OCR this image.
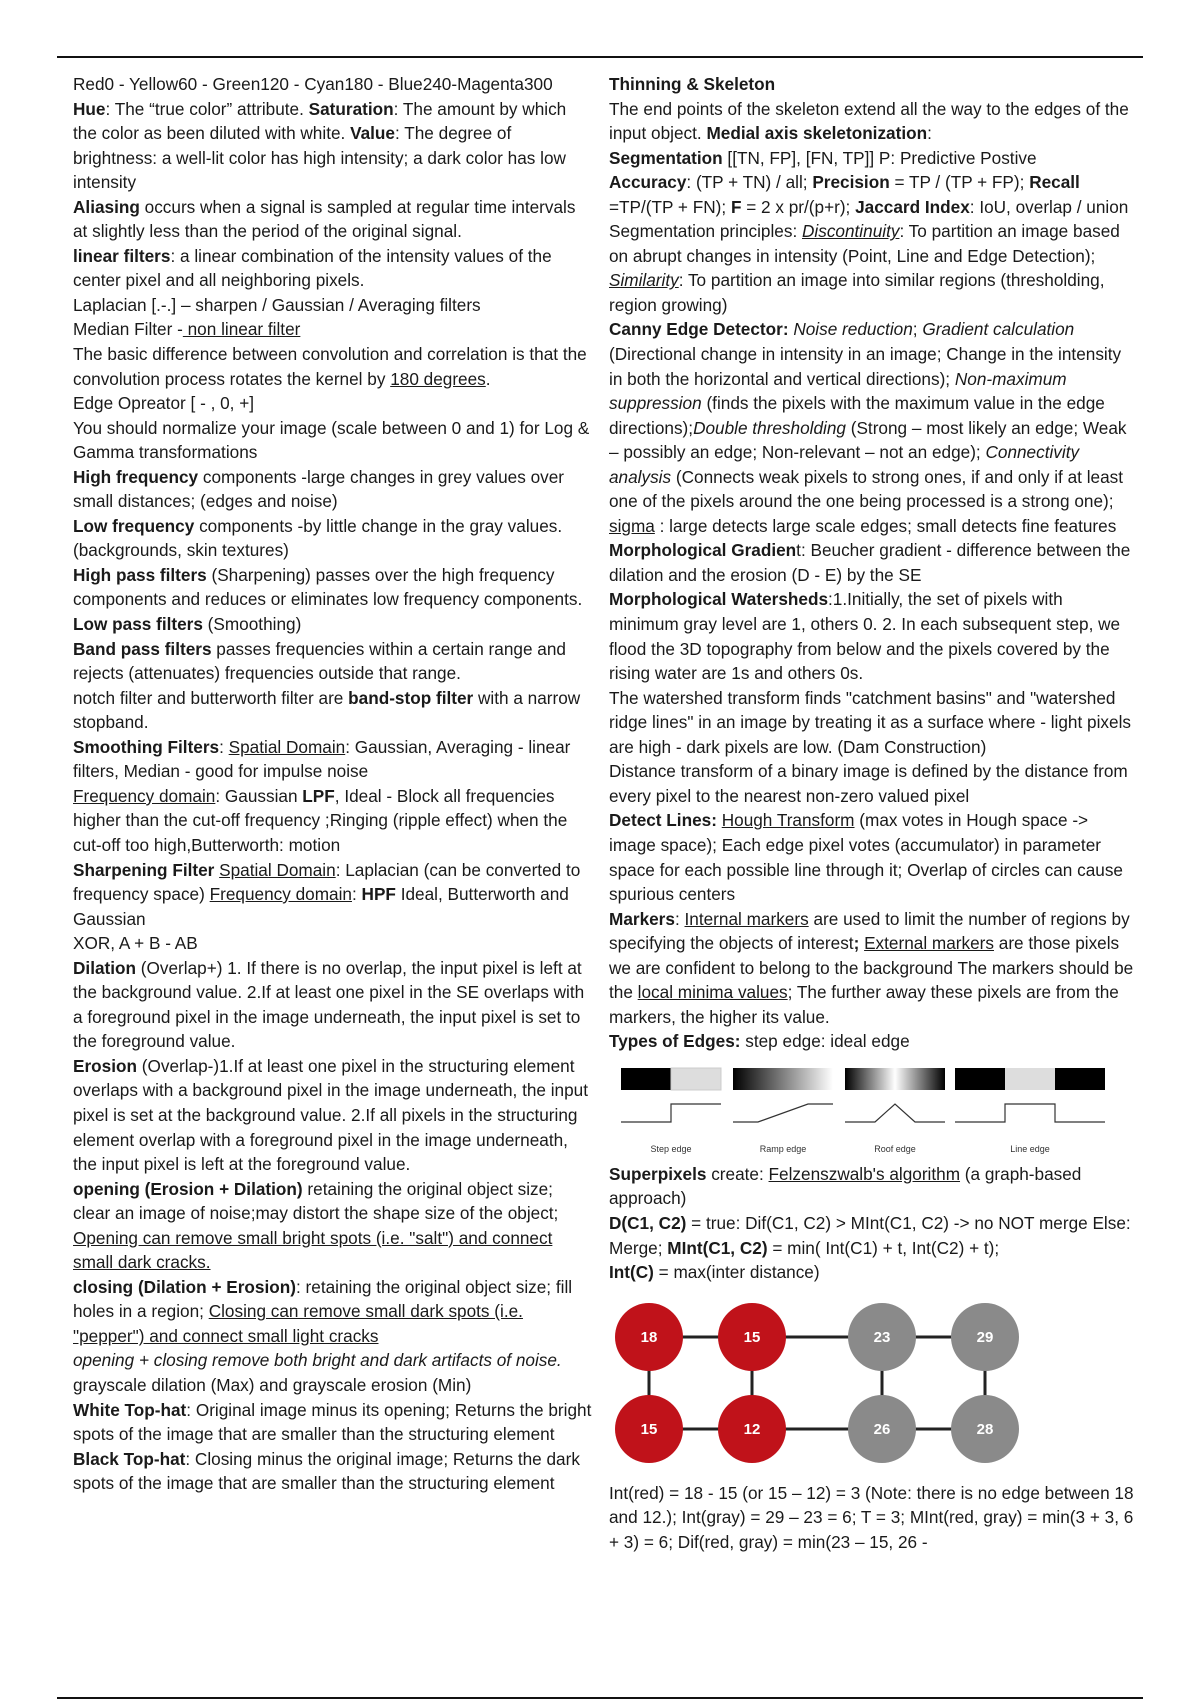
Red0 - Yellow60 - Green120 - Cyan180 - Blue240-Magenta300

Hue: The “true color” attribute. Saturation: The amount by which the color as been diluted with white. Value: The degree of brightness: a well-lit color has high intensity; a dark color has low intensity

Aliasing occurs when a signal is sampled at regular time intervals at slightly less than the period of the original signal.

linear filters: a linear combination of the intensity values of the center pixel and all neighboring pixels.

Laplacian [.-.] – sharpen / Gaussian / Averaging filters

Median Filter - non linear filter

The basic difference between convolution and correlation is that the convolution process rotates the kernel by 180 degrees.

Edge Opreator [ - , 0, +]

You should normalize your image (scale between 0 and 1) for Log & Gamma transformations

High frequency components -large changes in grey values over small distances; (edges and noise)

Low frequency components -by little change in the gray values. (backgrounds, skin textures)

High pass filters (Sharpening) passes over the high frequency components and reduces or eliminates low frequency components. Low pass filters (Smoothing)

Band pass filters passes frequencies within a certain range and rejects (attenuates) frequencies outside that range.

notch filter and butterworth filter are band-stop filter with a narrow stopband.

Smoothing Filters: Spatial Domain: Gaussian, Averaging - linear filters, Median - good for impulse noise

Frequency domain: Gaussian LPF, Ideal - Block all frequencies higher than the cut-off frequency ;Ringing (ripple effect) when the cut-off too high,Butterworth: motion

Sharpening Filter Spatial Domain: Laplacian (can be converted to frequency space) Frequency domain: HPF Ideal, Butterworth and Gaussian

XOR, A + B - AB

Dilation (Overlap+) 1. If there is no overlap, the input pixel is left at the background value. 2.If at least one pixel in the SE overlaps with a foreground pixel in the image underneath, the input pixel is set to the foreground value.

Erosion (Overlap-)1.If at least one pixel in the structuring element overlaps with a background pixel in the image underneath, the input pixel is set at the background value. 2.If all pixels in the structuring element overlap with a foreground pixel in the image underneath, the input pixel is left at the foreground value.

opening (Erosion + Dilation) retaining the original object size; clear an image of noise;may distort the shape size of the object; Opening can remove small bright spots (i.e. "salt") and connect small dark cracks.

closing (Dilation + Erosion): retaining the original object size; fill holes in a region; Closing can remove small dark spots (i.e. "pepper") and connect small light cracks

opening + closing remove both bright and dark artifacts of noise.

grayscale dilation (Max) and grayscale erosion (Min)

White Top-hat: Original image minus its opening; Returns the bright spots of the image that are smaller than the structuring element

Black Top-hat: Closing minus the original image; Returns the dark spots of the image that are smaller than the structuring element

Thinning & Skeleton

The end points of the skeleton extend all the way to the edges of the input object. Medial axis skeletonization:

Segmentation [[TN, FP], [FN, TP]] P: Predictive Postive

Accuracy: (TP + TN) / all; Precision = TP / (TP + FP); Recall =TP/(TP + FN); F = 2 x pr/(p+r); Jaccard Index: IoU, overlap / union

Segmentation principles: Discontinuity: To partition an image based on abrupt changes in intensity (Point, Line and Edge Detection); Similarity: To partition an image into similar regions (thresholding, region growing)

Canny Edge Detector: Noise reduction; Gradient calculation (Directional change in intensity in an image; Change in the intensity in both the horizontal and vertical directions); Non-maximum suppression (finds the pixels with the maximum value in the edge directions);Double thresholding (Strong – most likely an edge; Weak – possibly an edge; Non-relevant – not an edge); Connectivity analysis (Connects weak pixels to strong ones, if and only if at least one of the pixels around the one being processed is a strong one); sigma : large detects large scale edges; small detects fine features

Morphological Gradient: Beucher gradient - difference between the dilation and the erosion (D - E) by the SE

Morphological Watersheds:1.Initially, the set of pixels with minimum gray level are 1, others 0. 2. In each subsequent step, we flood the 3D topography from below and the pixels covered by the rising water are 1s and others 0s.

The watershed transform finds "catchment basins" and "watershed ridge lines" in an image by treating it as a surface where - light pixels are high - dark pixels are low. (Dam Construction)

Distance transform of a binary image is defined by the distance from every pixel to the nearest non-zero valued pixel

Detect Lines: Hough Transform (max votes in Hough space -> image space); Each edge pixel votes (accumulator) in parameter space for each possible line through it; Overlap of circles can cause spurious centers

Markers: Internal markers are used to limit the number of regions by specifying the objects of interest; External markers are those pixels we are confident to belong to the background The markers should be the local minima values; The further away these pixels are from the markers, the higher its value.

Types of Edges: step edge: ideal edge

Step edge	Ramp edge	Roof edge	Line edge

Superpixels create: Felzenszwalb's algorithm (a graph-based approach)

D(C1, C2) = true: Dif(C1, C2) > MInt(C1, C2) -> no NOT merge Else: Merge; MInt(C1, C2) = min( Int(C1) + t, Int(C2) + t);

Int(C) = max(inter distance)

18	15	23	29
15	12	26	28

Int(red) = 18 - 15 (or 15 – 12) = 3 (Note: there is no edge between 18 and 12.); Int(gray) = 29 – 23 = 6; T = 3; MInt(red, gray) = min(3 + 3, 6 + 3) = 6; Dif(red, gray) = min(23 – 15, 26 -
